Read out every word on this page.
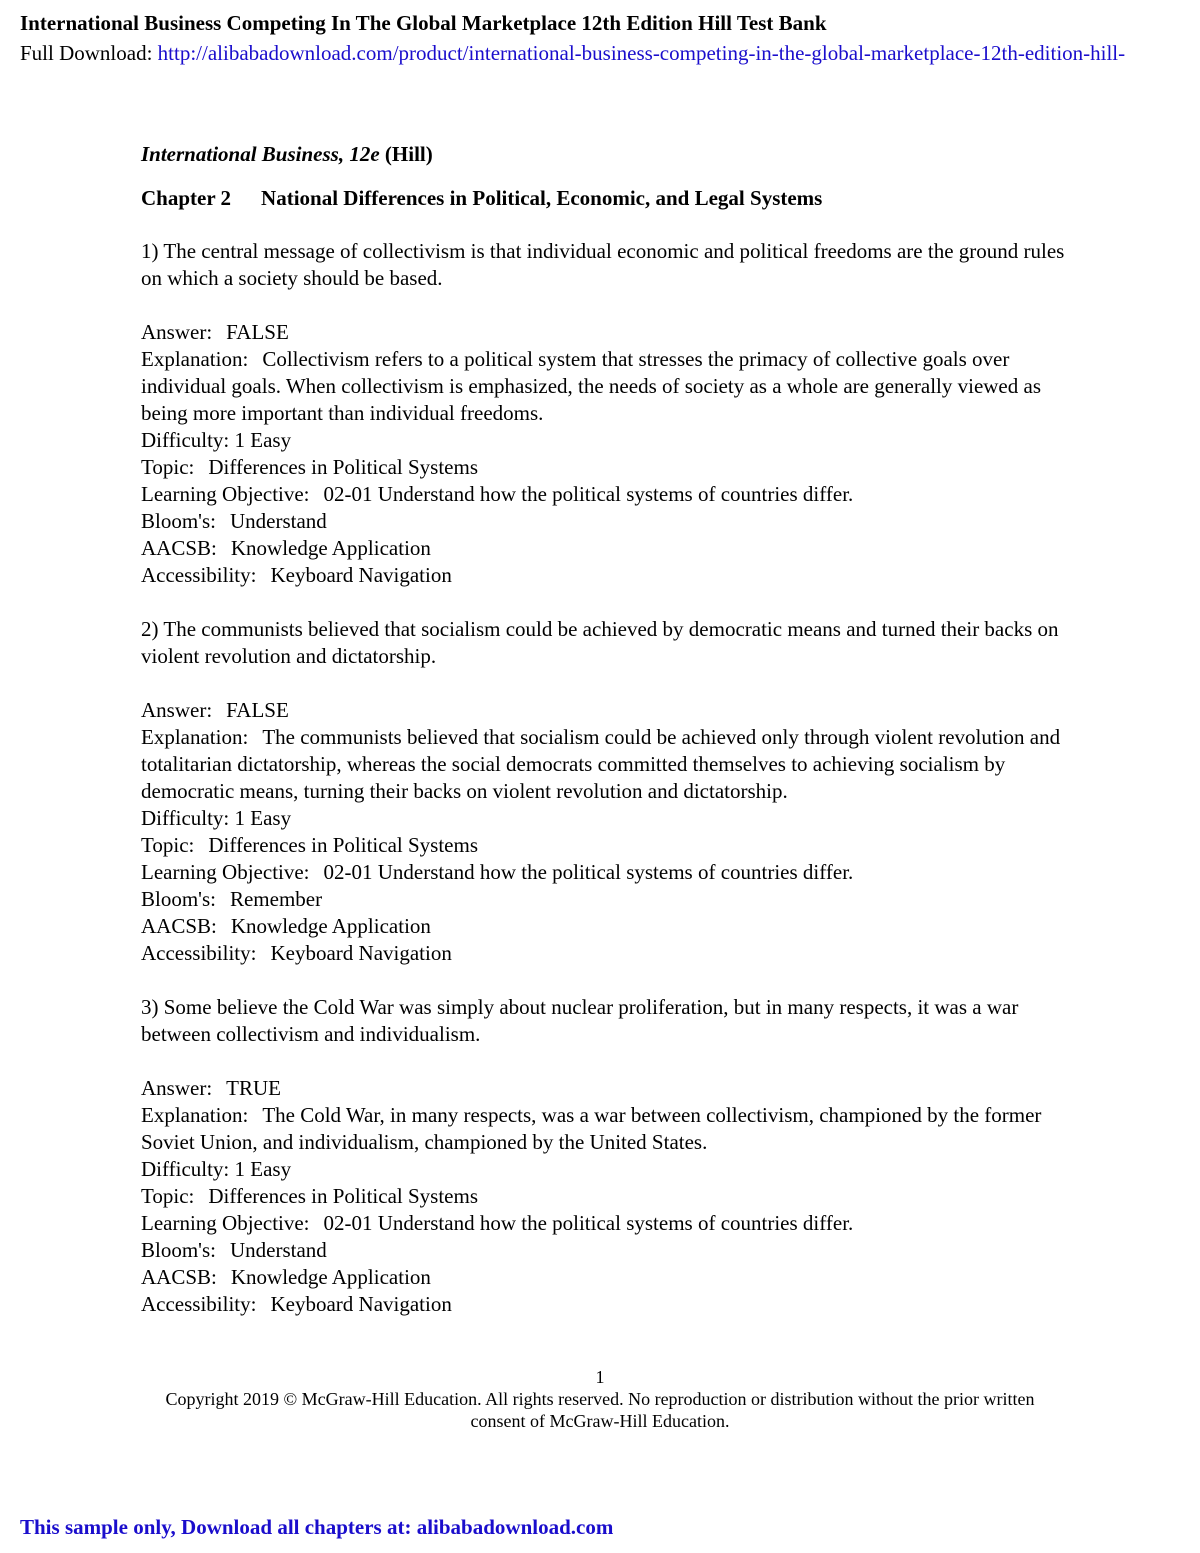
International Business Competing In The Global Marketplace 12th Edition Hill Test Bank
Full Download: http://alibabadownload.com/product/international-business-competing-in-the-global-marketplace-12th-edition-hill-
International Business, 12e (Hill)
Chapter 2 National Differences in Political, Economic, and Legal Systems

1) The central message of collectivism is that individual economic and political freedoms are the ground rules on which a society should be based.

Answer: FALSE

Explanation: Collectivism refers to a political system that stresses the primacy of collective goals over individual goals. When collectivism is emphasized, the needs of society as a whole are generally viewed as being more important than individual freedoms.

Difficulty: 1 Easy

Topic: Differences in Political Systems

Learning Objective: 02-01 Understand how the political systems of countries differ.

Bloom's: Understand

AACSB: Knowledge Application

Accessibility: Keyboard Navigation

2) The communists believed that socialism could be achieved by democratic means and turned their backs on violent revolution and dictatorship.

Answer: FALSE

Explanation: The communists believed that socialism could be achieved only through violent revolution and totalitarian dictatorship, whereas the social democrats committed themselves to achieving socialism by democratic means, turning their backs on violent revolution and dictatorship.

Difficulty: 1 Easy

Topic: Differences in Political Systems

Learning Objective: 02-01 Understand how the political systems of countries differ.

Bloom's: Remember

AACSB: Knowledge Application

Accessibility: Keyboard Navigation

3) Some believe the Cold War was simply about nuclear proliferation, but in many respects, it was a war between collectivism and individualism.

Answer: TRUE

Explanation: The Cold War, in many respects, was a war between collectivism, championed by the former Soviet Union, and individualism, championed by the United States.

Difficulty: 1 Easy

Topic: Differences in Political Systems

Learning Objective: 02-01 Understand how the political systems of countries differ.

Bloom's: Understand

AACSB: Knowledge Application

Accessibility: Keyboard Navigation

1
Copyright 2019 © McGraw-Hill Education. All rights reserved. No reproduction or distribution without the prior written consent of McGraw-Hill Education.
This sample only, Download all chapters at: alibabadownload.com
